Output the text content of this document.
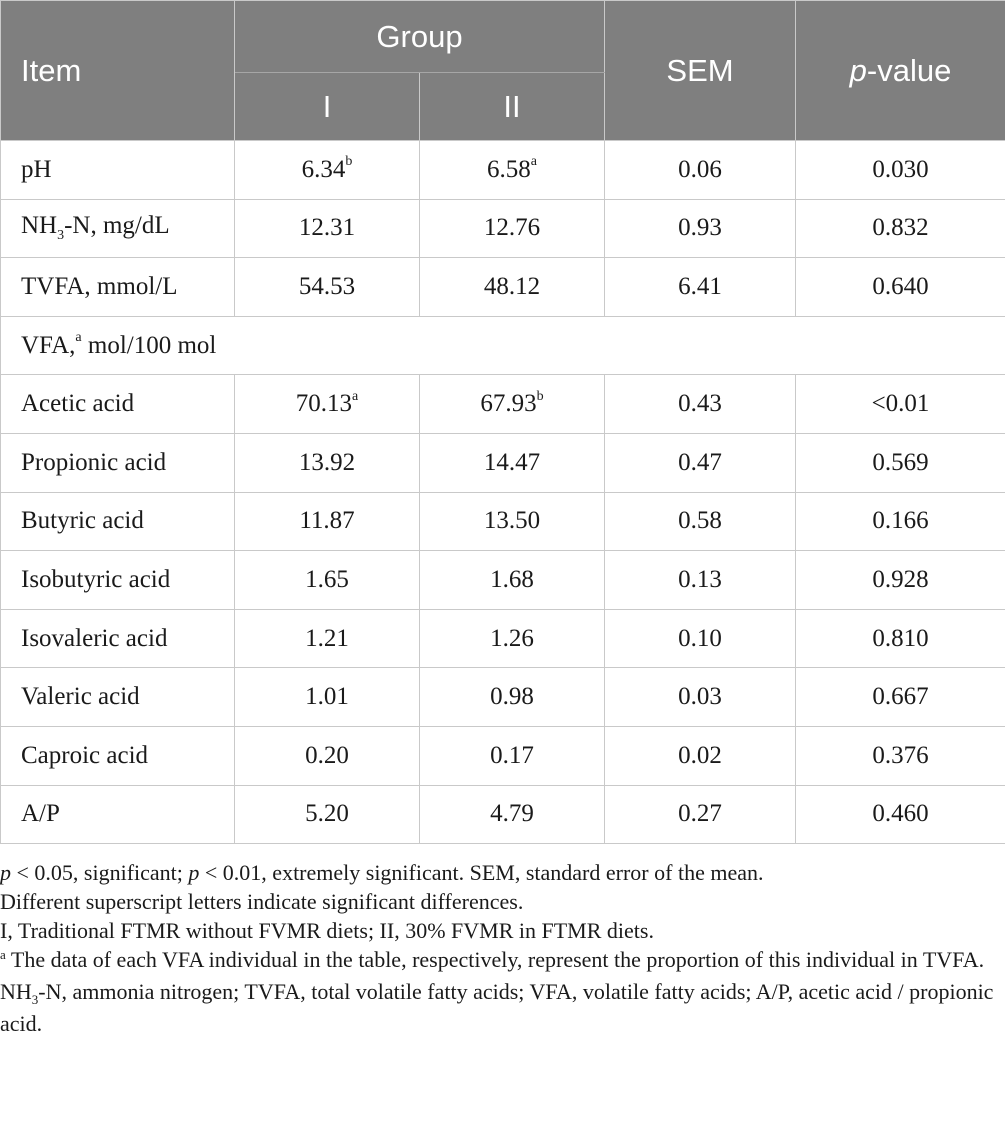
Item	Group		SEM	p-value
	I	II		
pH	6.34$^b$	6.58$^a$	0.06	0.030
$NH_3-N$, mg/dL	12.31	12.76	0.93	0.832
TVFA, mmol/L	54.53	48.12	6.41	0.640
VFA,$^a$ mol/100 mol				
Acetic acid	70.13$^a$	67.93$^b$	0.43	<0.01
Propionic acid	13.92	14.47	0.47	0.569
Butyric acid	11.87	13.50	0.58	0.166
Isobutyric acid	1.65	1.68	0.13	0.928
Isovaleric acid	1.21	1.26	0.10	0.810
Valeric acid	1.01	0.98	0.03	0.667
Caproic acid	0.20	0.17	0.02	0.376
A/P	5.20	4.79	0.27	0.460

p < 0.05, significant; p < 0.01, extremely significant. SEM, standard error of the mean.

Different superscript letters indicate significant differences.

I, Traditional FTMR without FVMR diets; II, 30% FVMR in FTMR diets.

$^a$ The data of each VFA individual in the table, respectively, represent the proportion of this individual in TVFA.

$NH_3-N$, ammonia nitrogen; TVFA, total volatile fatty acids; VFA, volatile fatty acids; A/P, acetic acid / propionic acid.
